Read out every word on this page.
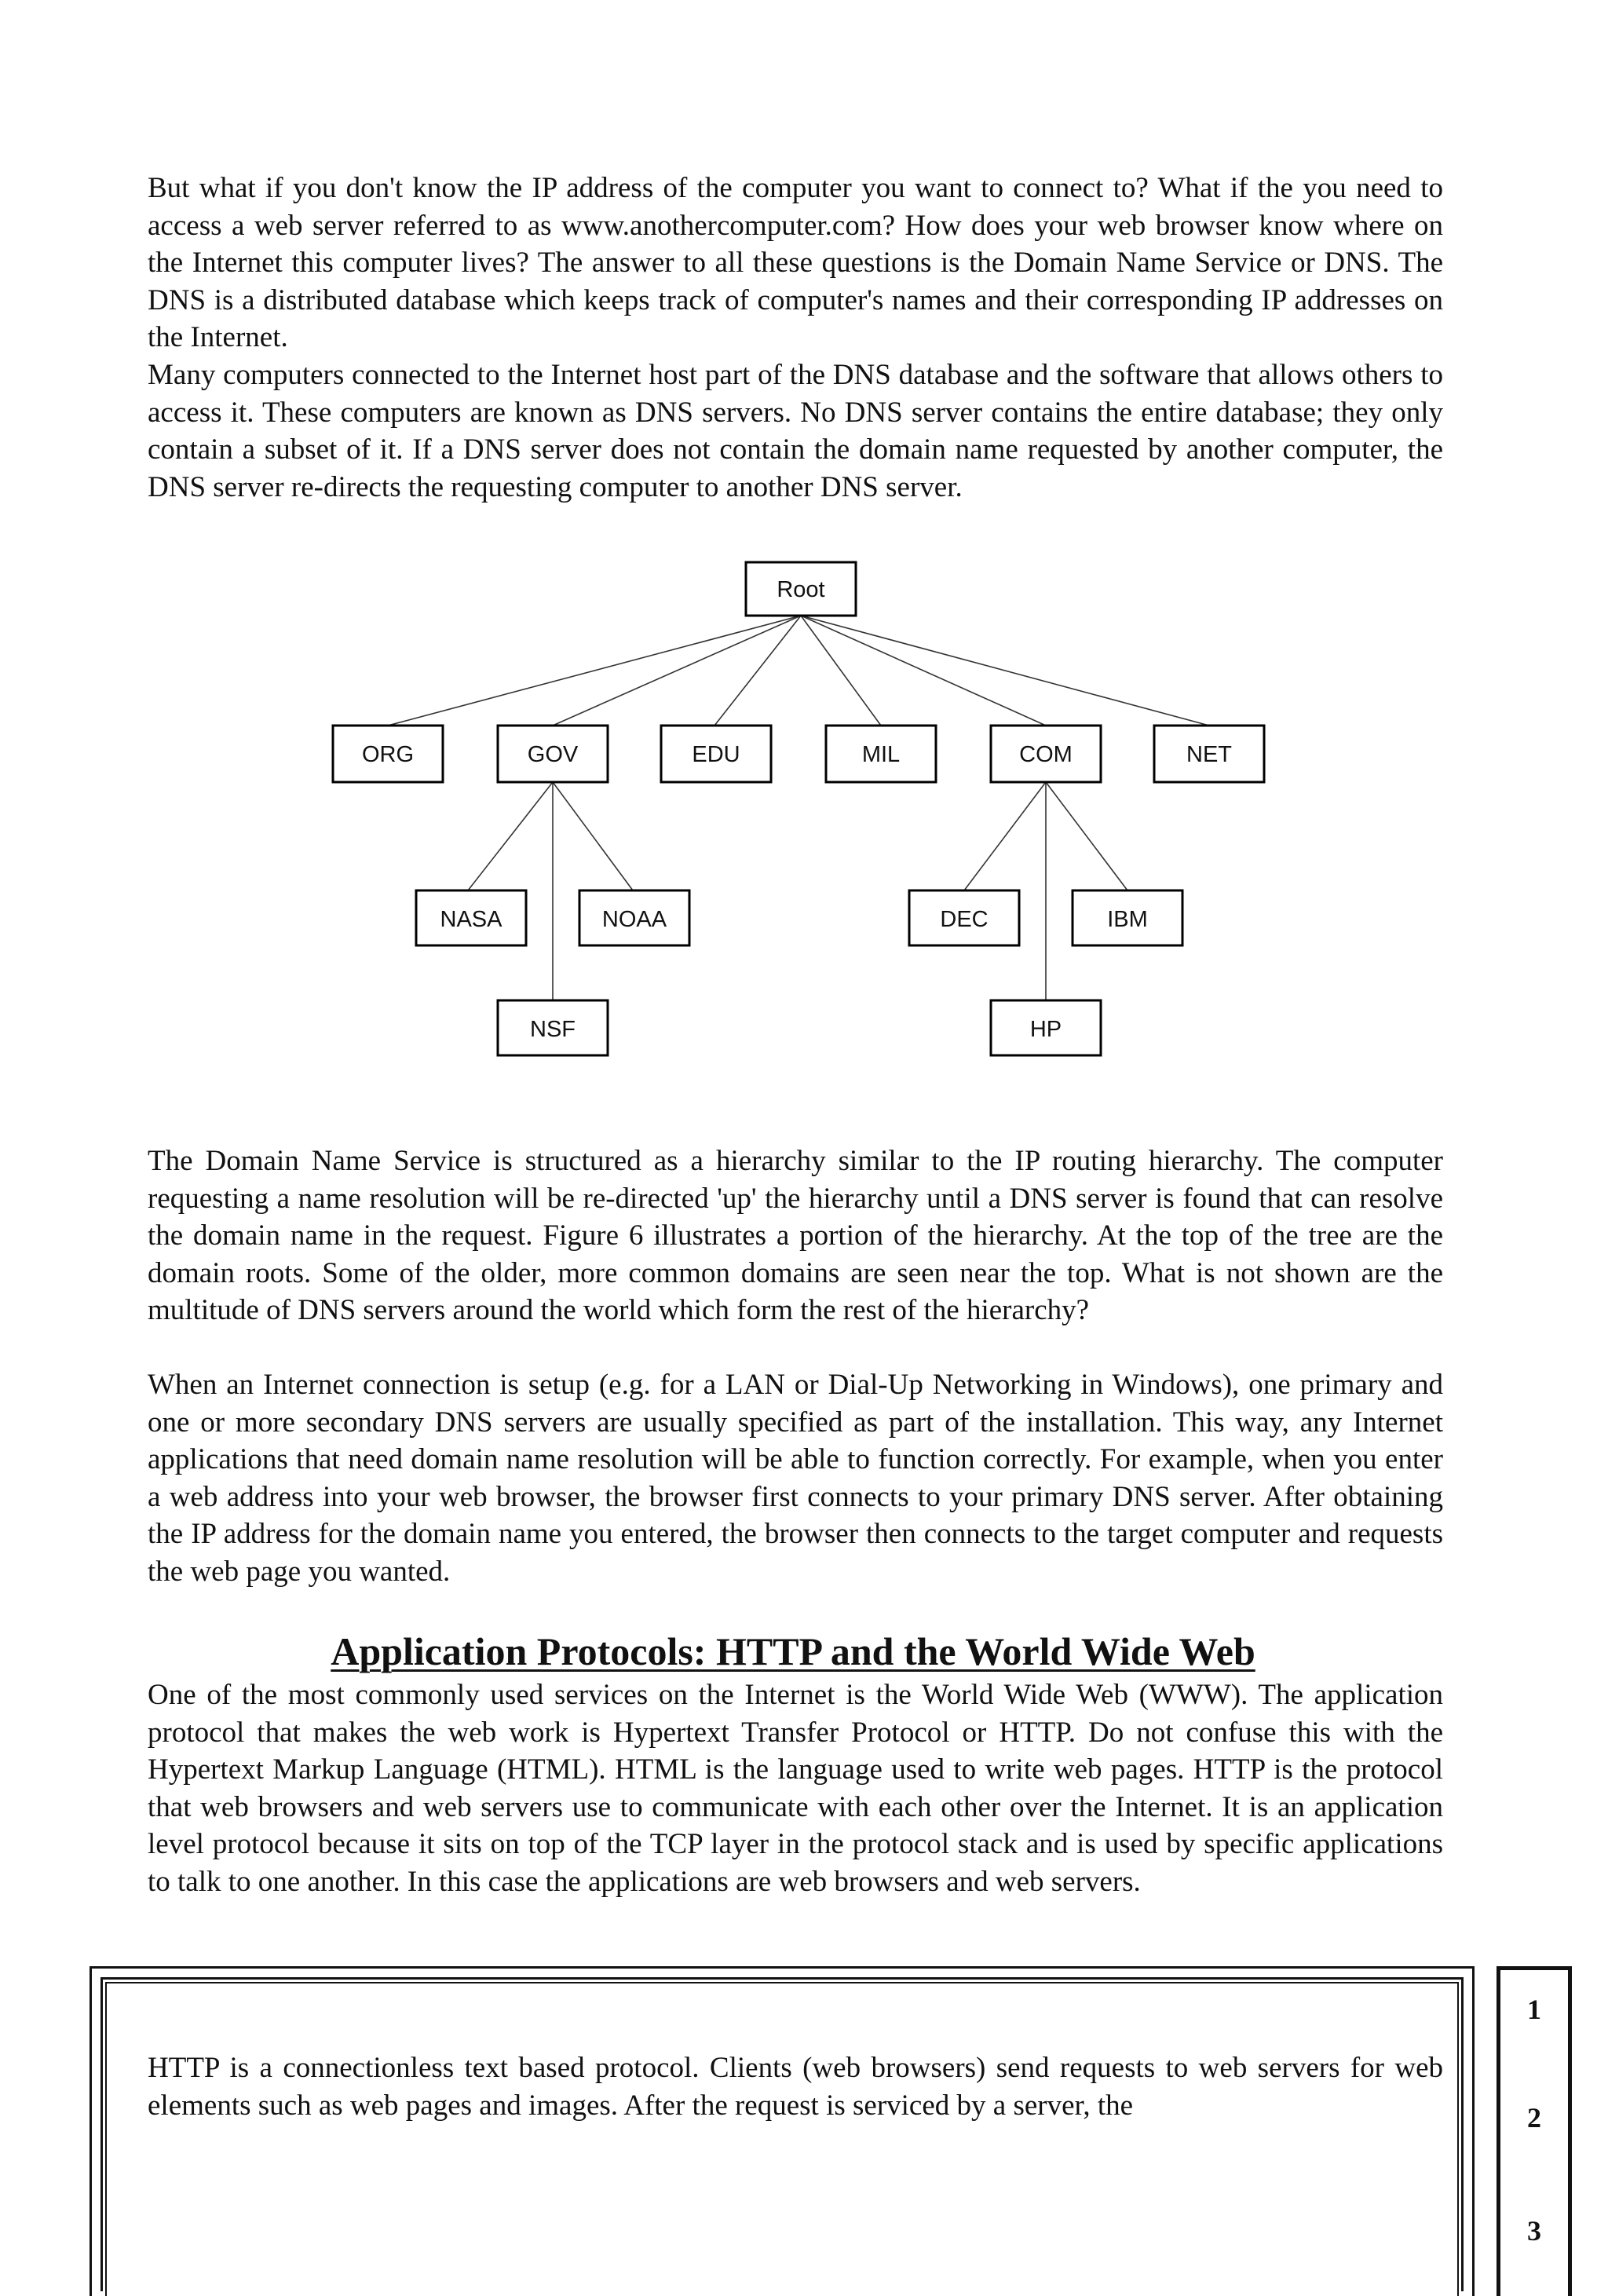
But what if you don't know the IP address of the computer you want to connect to? What if the you need to access a web server referred to as www.anothercomputer.com? How does your web browser know where on the Internet this computer lives? The answer to all these questions is the Domain Name Service or DNS. The DNS is a distributed database which keeps track of computer's names and their corresponding IP addresses on the Internet.

Many computers connected to the Internet host part of the DNS database and the software that allows others to access it. These computers are known as DNS servers. No DNS server contains the entire database; they only contain a subset of it. If a DNS server does not contain the domain name requested by another computer, the DNS server re-directs the requesting computer to another DNS server.

Root
ORG	GOV	EDU	MIL	COM	NET
NASA	NOAA
NSF
DEC	IBM
HP

The Domain Name Service is structured as a hierarchy similar to the IP routing hierarchy. The computer requesting a name resolution will be re-directed 'up' the hierarchy until a DNS server is found that can resolve the domain name in the request. Figure 6 illustrates a portion of the hierarchy. At the top of the tree are the domain roots. Some of the older, more common domains are seen near the top. What is not shown are the multitude of DNS servers around the world which form the rest of the hierarchy?

When an Internet connection is setup (e.g. for a LAN or Dial-Up Networking in Windows), one primary and one or more secondary DNS servers are usually specified as part of the installation. This way, any Internet applications that need domain name resolution will be able to function correctly. For example, when you enter a web address into your web browser, the browser first connects to your primary DNS server. After obtaining the IP address for the domain name you entered, the browser then connects to the target computer and requests the web page you wanted.

Application Protocols: HTTP and the World Wide Web

One of the most commonly used services on the Internet is the World Wide Web (WWW). The application protocol that makes the web work is Hypertext Transfer Protocol or HTTP. Do not confuse this with the Hypertext Markup Language (HTML). HTML is the language used to write web pages. HTTP is the protocol that web browsers and web servers use to communicate with each other over the Internet. It is an application level protocol because it sits on top of the TCP layer in the protocol stack and is used by specific applications to talk to one another. In this case the applications are web browsers and web servers.

HTTP is a connectionless text based protocol. Clients (web browsers) send requests to web servers for web elements such as web pages and images. After the request is serviced by a server, the

1
2
3
